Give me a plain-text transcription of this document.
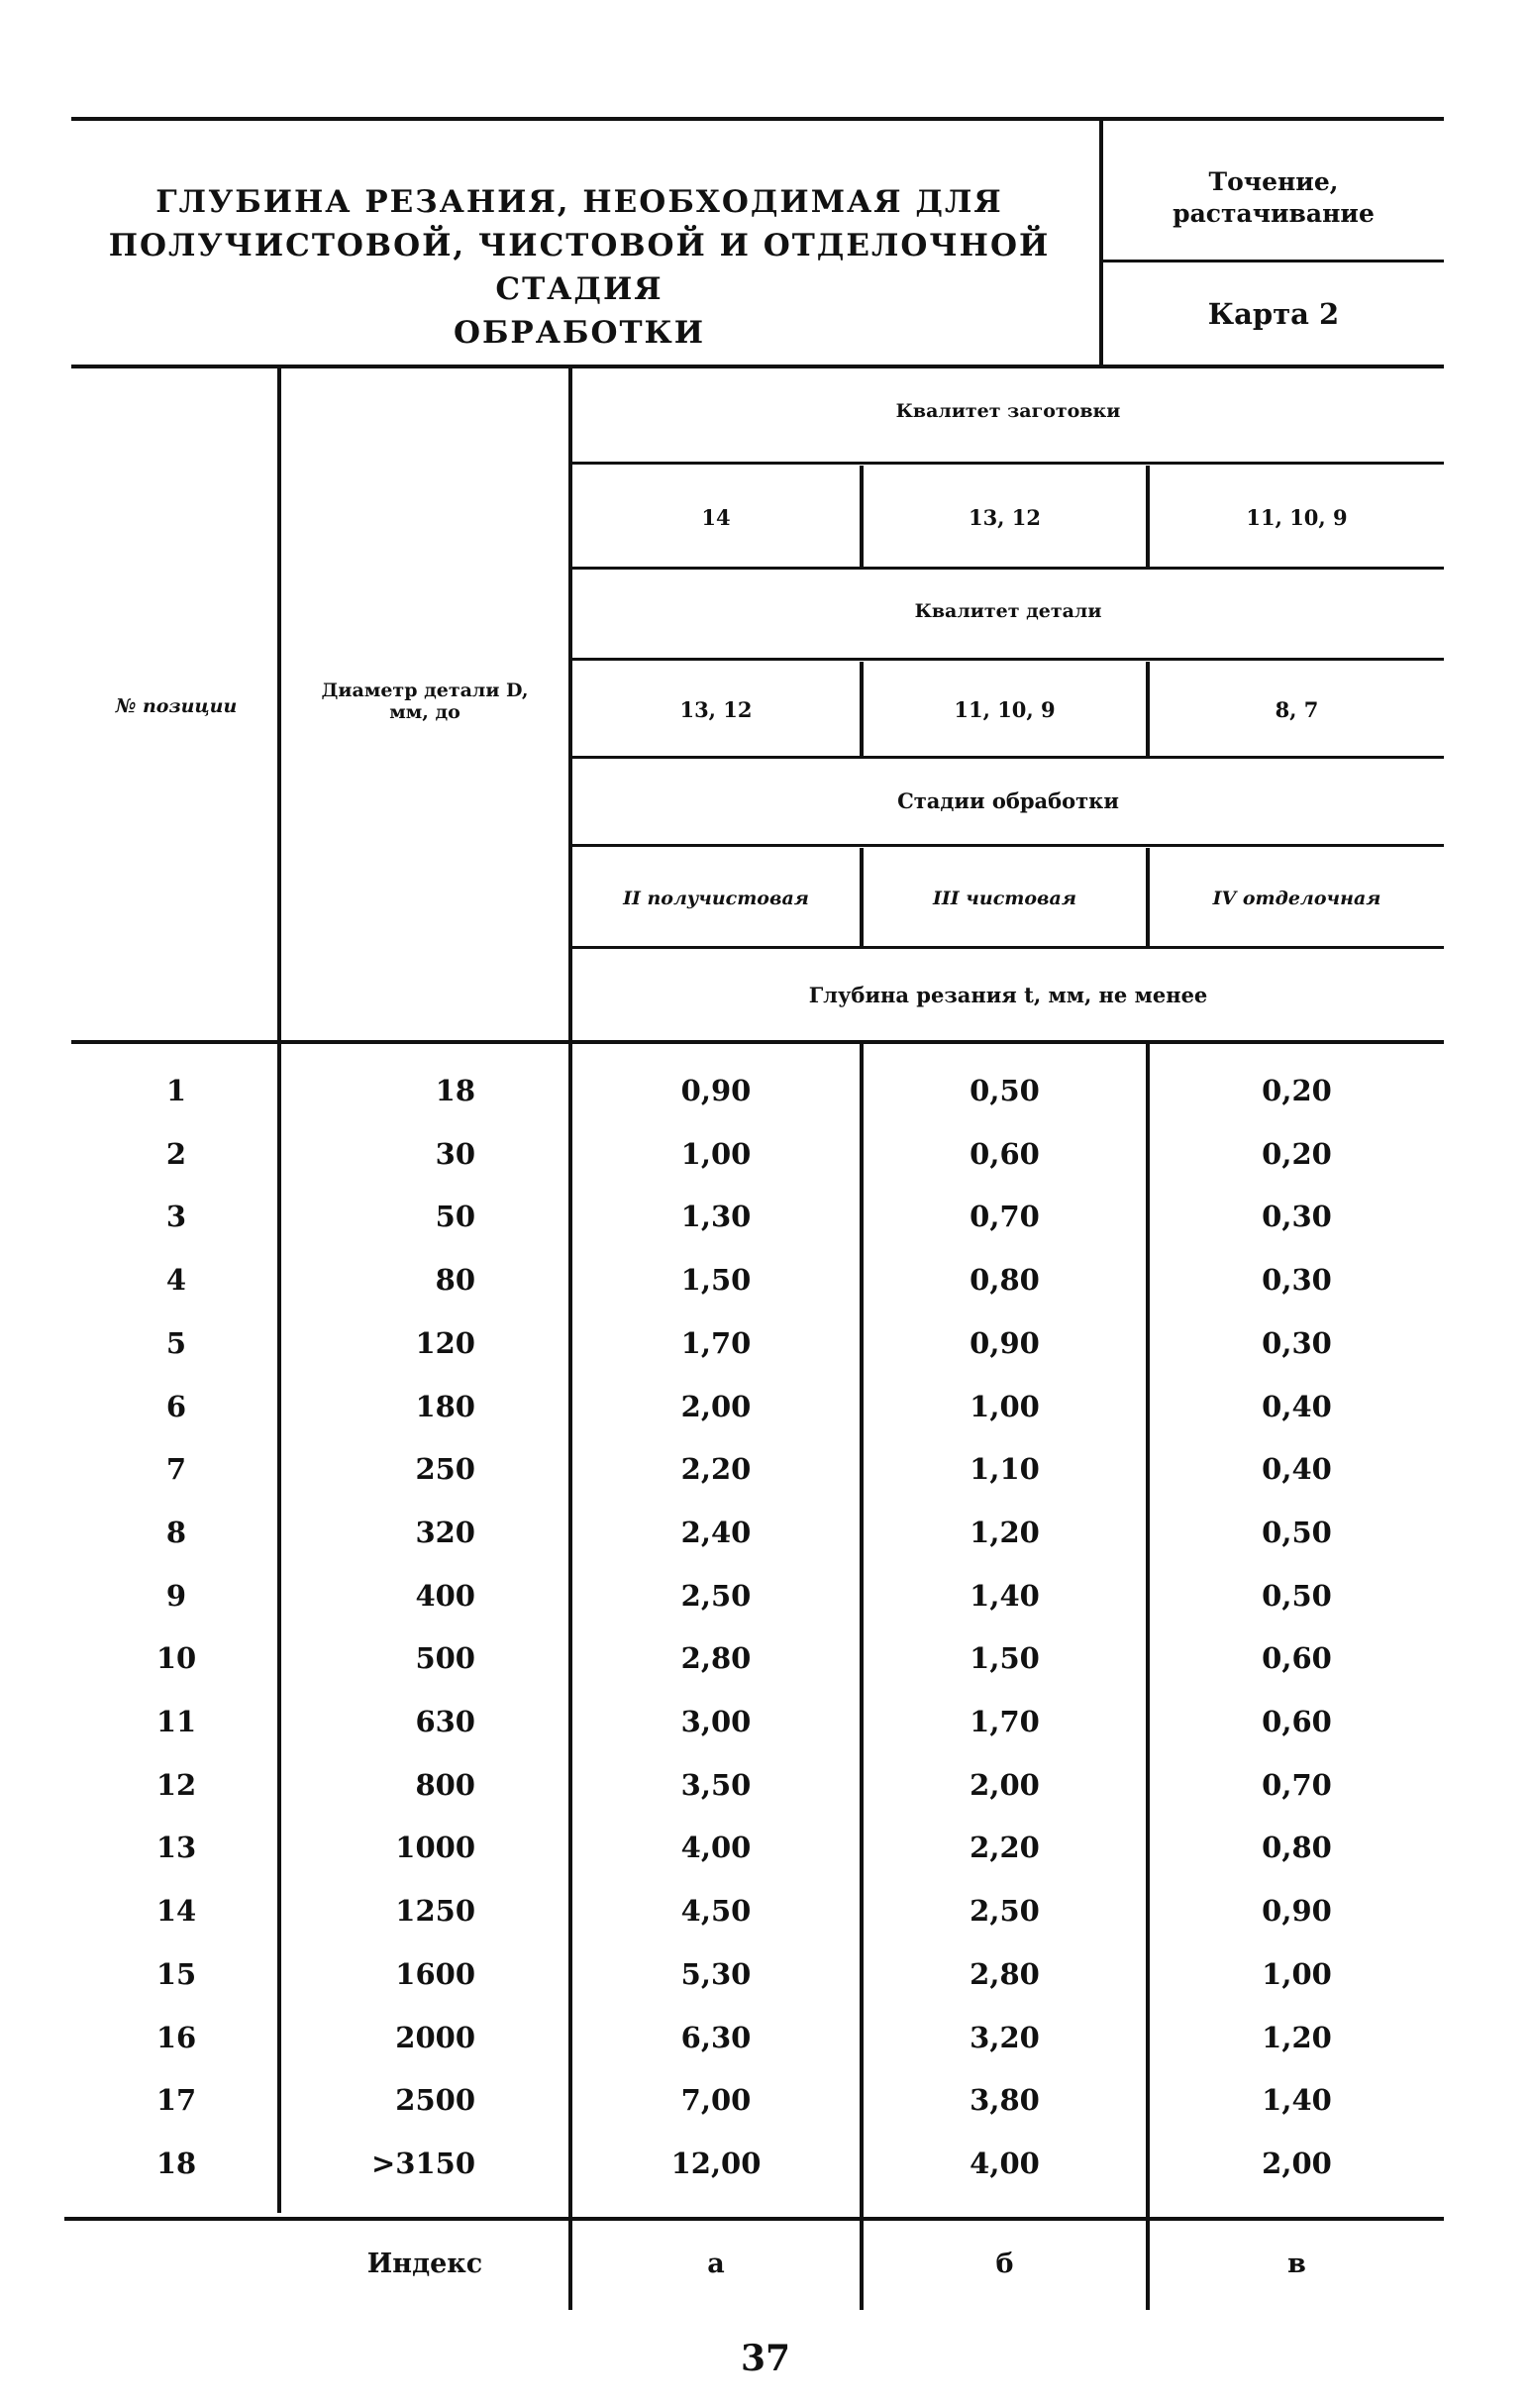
ГЛУБИНА РЕЗАНИЯ, НЕОБХОДИМАЯ ДЛЯ
ПОЛУЧИСТОВОЙ, ЧИСТОВОЙ И ОТДЕЛОЧНОЙ СТАДИЯ
ОБРАБОТКИ
Точение,
растачивание
Карта 2
№ позиции
Диаметр детали D,
мм, до
Квалитет заготовки
14	13, 12	11, 10, 9
Квалитет детали
13, 12	11, 10, 9	8, 7
Стадии обработки
II получистовая	III чистовая	IV отделочная
Глубина резания t, мм, не менее
1	18	0,90	0,50	0,20
2	30	1,00	0,60	0,20
3	50	1,30	0,70	0,30
4	80	1,50	0,80	0,30
5	120	1,70	0,90	0,30
6	180	2,00	1,00	0,40
7	250	2,20	1,10	0,40
8	320	2,40	1,20	0,50
9	400	2,50	1,40	0,50
10	500	2,80	1,50	0,60
11	630	3,00	1,70	0,60
12	800	3,50	2,00	0,70
13	1000	4,00	2,20	0,80
14	1250	4,50	2,50	0,90
15	1600	5,30	2,80	1,00
16	2000	6,30	3,20	1,20
17	2500	7,00	3,80	1,40
18	>3150	12,00	4,00	2,00
Индекс	а	б	в
37
